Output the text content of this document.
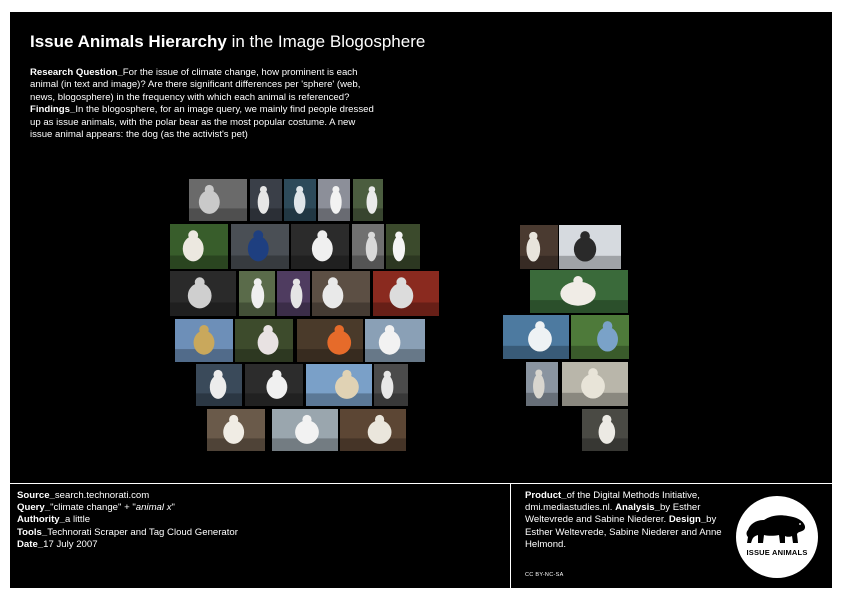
Issue Animals Hierarchy in the Image Blogosphere

Research Question_For the issue of climate change, how prominent is each animal (in text and image)? Are there significant differences per 'sphere' (web, news, blogosphere) in the frequency with which each animal is referenced?

Findings_In the blogosphere, for an image query, we mainly find people dressed up as issue animals, with the polar bear as the most popular costume. A new issue animal appears: the dog (as the activist's pet)

Source_search.technorati.com
Query_"climate change" + "animal x"
Authority_a little
Tools_Technorati Scraper and Tag Cloud Generator
Date_17 July 2007
Product_of the Digital Methods Initiative, dmi.mediastudies.nl. Analysis_by Esther Weltevrede and Sabine Niederer. Design_by Esther Weltevrede, Sabine Niederer and Anne Helmond.
CC BY-NC-SA
ISSUE ANIMALS
